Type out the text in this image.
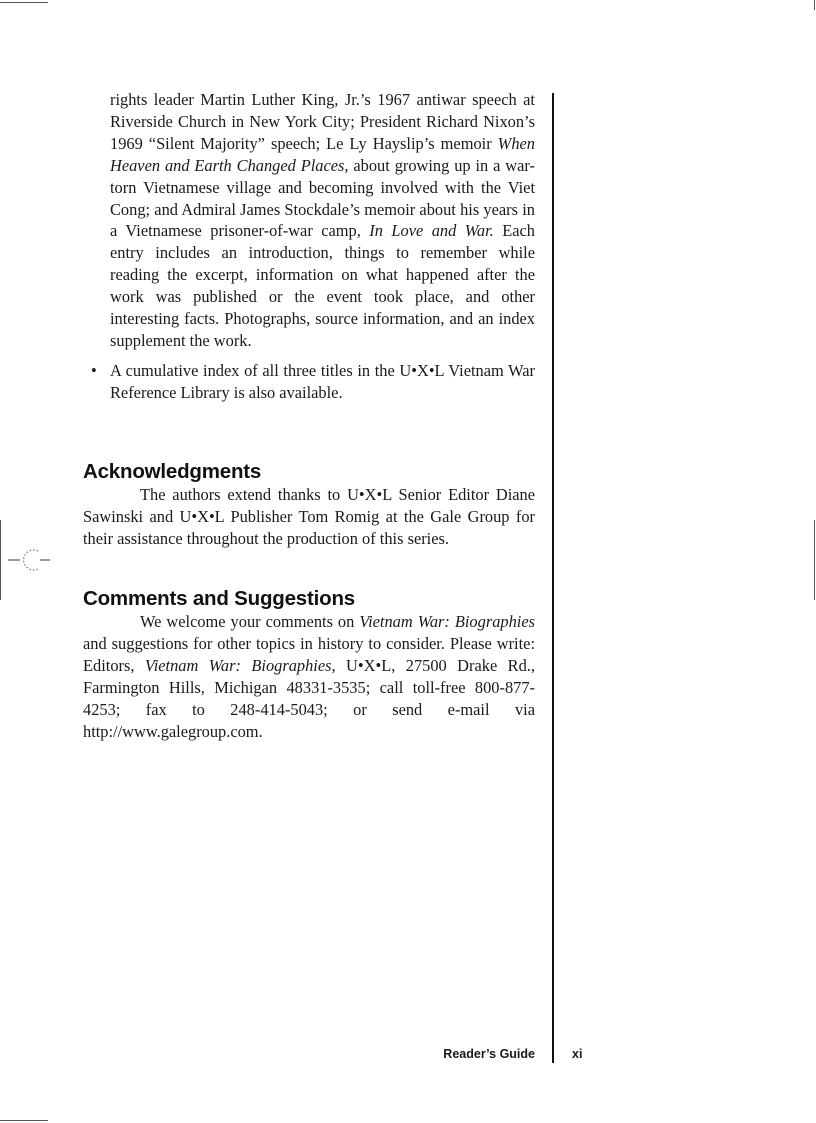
rights leader Martin Luther King, Jr.’s 1967 antiwar speech at Riverside Church in New York City; President Richard Nixon’s 1969 “Silent Majority” speech; Le Ly Hayslip’s memoir When Heaven and Earth Changed Places, about growing up in a war-torn Vietnamese village and becoming involved with the Viet Cong; and Admiral James Stockdale’s memoir about his years in a Vietnamese prisoner-of-war camp, In Love and War. Each entry includes an introduction, things to remember while reading the excerpt, information on what happened after the work was published or the event took place, and other interesting facts. Photographs, source information, and an index supplement the work.

• A cumulative index of all three titles in the U•X•L Vietnam War Reference Library is also available.

Acknowledgments

The authors extend thanks to U•X•L Senior Editor Diane Sawinski and U•X•L Publisher Tom Romig at the Gale Group for their assistance throughout the production of this series.

Comments and Suggestions

We welcome your comments on Vietnam War: Biographies and suggestions for other topics in history to consider. Please write: Editors, Vietnam War: Biographies, U•X•L, 27500 Drake Rd., Farmington Hills, Michigan 48331-3535; call toll-free 800-877-4253; fax to 248-414-5043; or send e-mail via http://www.galegroup.com.

Reader’s Guide	xi
